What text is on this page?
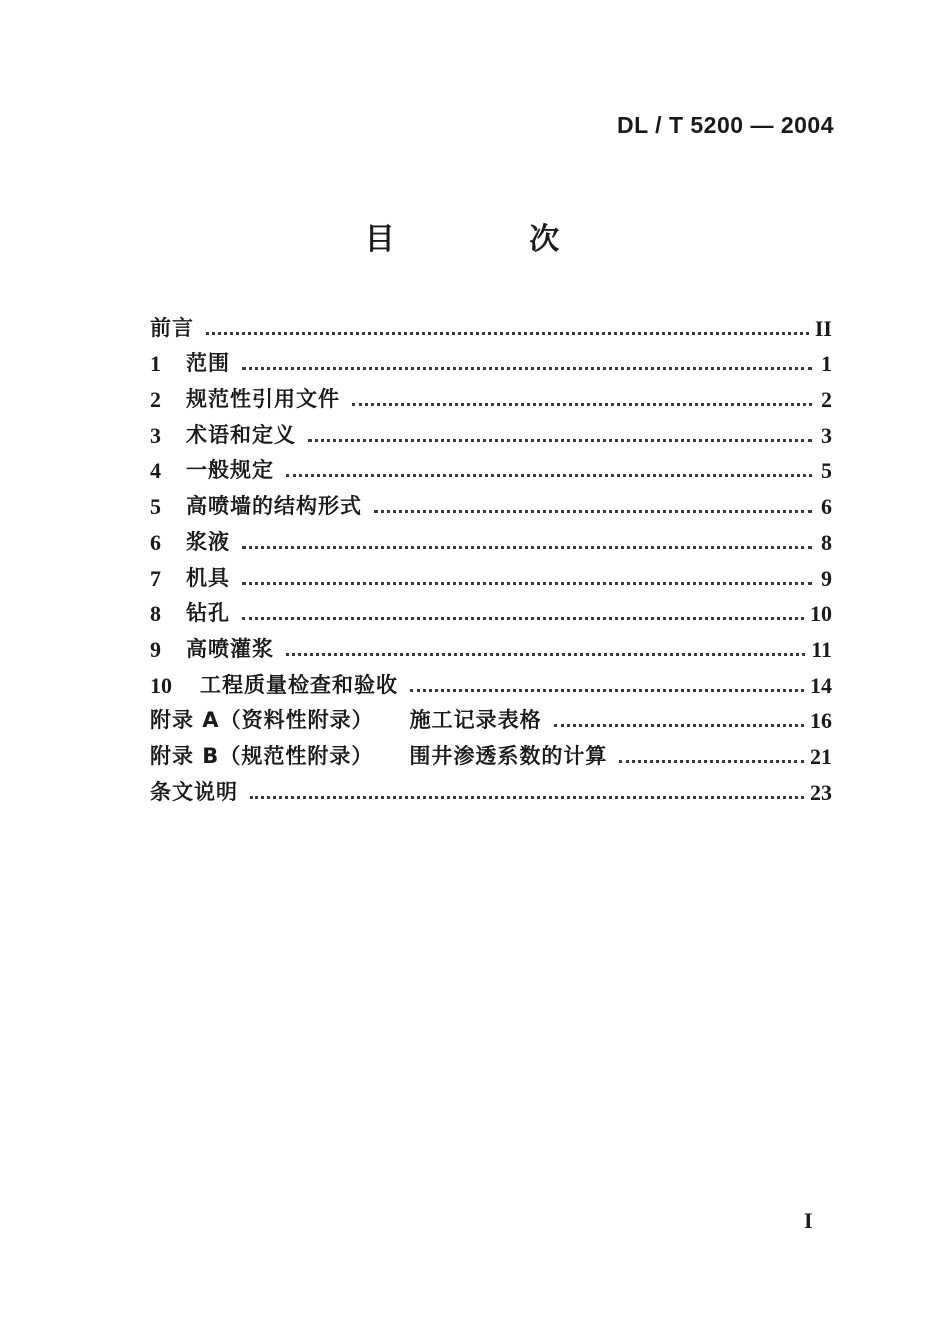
DL / T 5200 — 2004
目 次
前言	II
1	范围	1
2	规范性引用文件	2
3	术语和定义	3
4	一般规定	5
5	高喷墙的结构形式	6
6	浆液	8
7	机具	9
8	钻孔	10
9	高喷灌浆	11
10	工程质量检查和验收	14
附录 A（资料性附录） 施工记录表格	16
附录 B（规范性附录） 围井渗透系数的计算	21
条文说明	23
I
